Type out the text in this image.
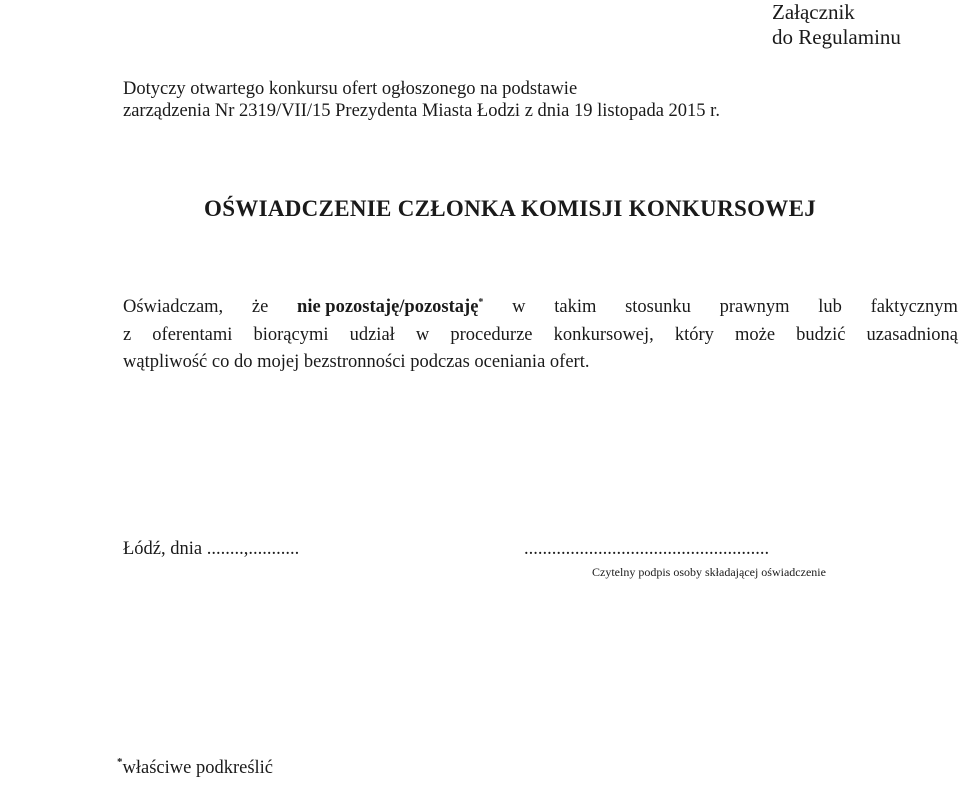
Załącznik
do Regulaminu
Dotyczy otwartego konkursu ofert ogłoszonego na podstawie
zarządzenia Nr 2319/VII/15 Prezydenta Miasta Łodzi z dnia 19 listopada 2015 r.
OŚWIADCZENIE CZŁONKA KOMISJI KONKURSOWEJ
Oświadczam, że nie pozostaję/pozostaję* w takim stosunku prawnym lub faktycznym
z oferentami biorącymi udział w procedurze konkursowej, który może budzić uzasadnioną
wątpliwość co do mojej bezstronności podczas oceniania ofert.
Łódź, dnia ........,...........	.....................................................
Czytelny podpis osoby składającej oświadczenie
*właściwe podkreślić
